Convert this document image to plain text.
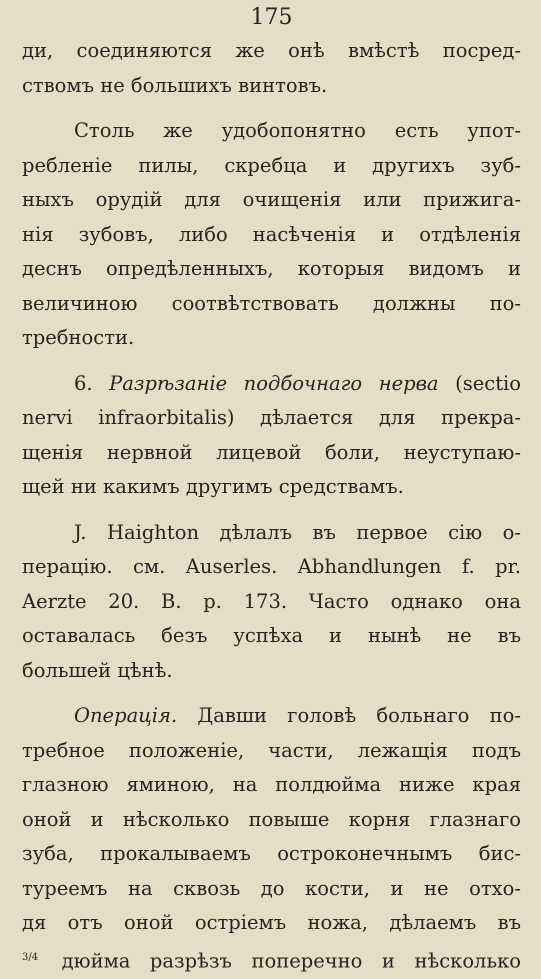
175
ди, соединяются же онѣ вмѣстѣ посред-
ствомъ не большихъ винтовъ.
Столь же удобопонятно есть упот-
ребленіе пилы, скребца и другихъ зуб-
ныхъ орудій для очищенія или прижига-
нія зубовъ, либо насѣченія и отдѣленія
деснъ опредѣленныхъ, которыя видомъ и
величиною соотвѣтствовать должны по-
требности.
6. Разрѣзаніе подбочнаго нерва (sectio
nervi infraorbitalis) дѣлается для прекра-
щенія нервной лицевой боли, неуступаю-
щей ни какимъ другимъ средствамъ.
J. Haighton дѣлалъ въ первое сію о-
перацію. см. Auserles. Abhandlungen f. pr.
Aerzte 20. B. p. 173. Часто однако она
оставалась безъ успѣха и нынѣ не въ
большей цѣнѣ.
Операція. Давши головѣ больнаго по-
требное положеніе, части, лежащія подъ
глазною яминою, на полдюйма ниже края
оной и нѣсколько повыше корня глазнаго
зуба, прокалываемъ остроконечнымъ бис-
туреемъ на сквозь до кости, и не отхо-
дя отъ оной остріемъ ножа, дѣлаемъ въ
$^{3/4}$ дюйма разрѣзъ поперечно и нѣсколько
